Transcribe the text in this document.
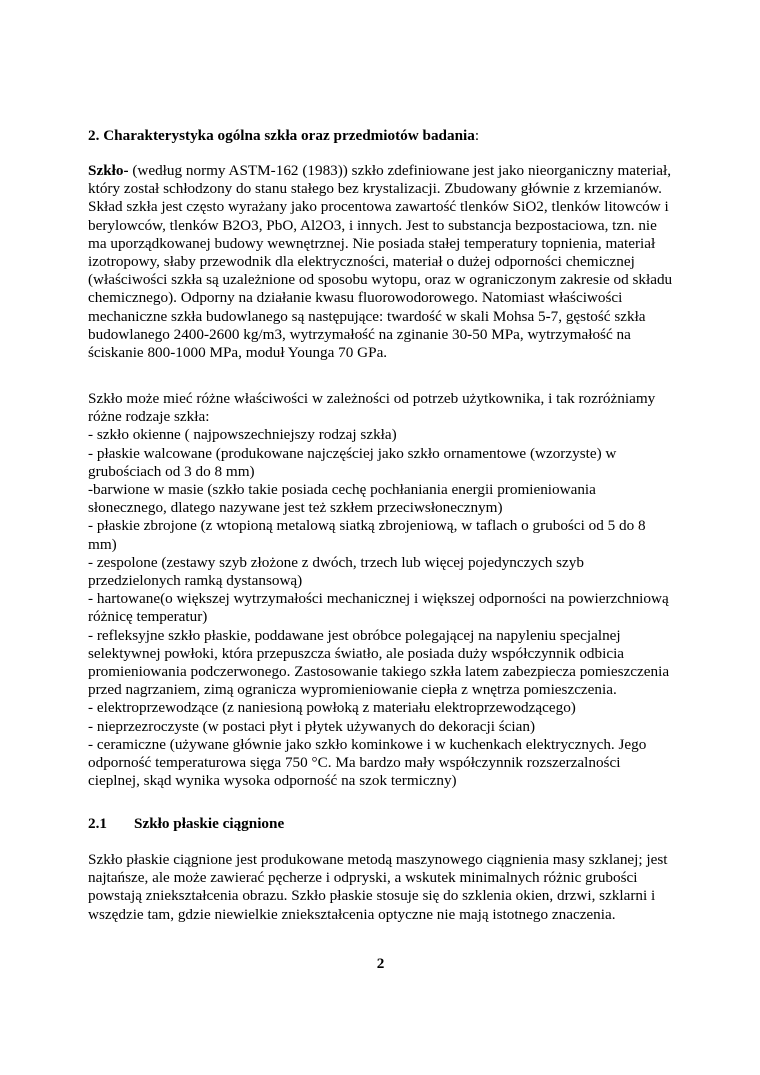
2. Charakterystyka ogólna szkła oraz przedmiotów badania:

Szkło- (według normy ASTM-162 (1983)) szkło zdefiniowane jest jako nieorganiczny materiał, który został schłodzony do stanu stałego bez krystalizacji. Zbudowany głównie z krzemianów. Skład szkła jest często wyrażany jako procentowa zawartość tlenków SiO2, tlenków litowców i berylowców, tlenków B2O3, PbO, Al2O3, i innych. Jest to substancja bezpostaciowa, tzn. nie ma uporządkowanej budowy wewnętrznej. Nie posiada stałej temperatury topnienia, materiał izotropowy, słaby przewodnik dla elektryczności, materiał o dużej odporności chemicznej (właściwości szkła są uzależnione od sposobu wytopu, oraz w ograniczonym zakresie od składu chemicznego). Odporny na działanie kwasu fluorowodorowego. Natomiast właściwości mechaniczne szkła budowlanego są następujące: twardość w skali Mohsa 5-7, gęstość szkła budowlanego 2400-2600 kg/m3, wytrzymałość na zginanie 30-50 MPa, wytrzymałość na ściskanie 800-1000 MPa, moduł Younga 70 GPa.

Szkło może mieć różne właściwości w zależności od potrzeb użytkownika, i tak rozróżniamy różne rodzaje szkła:
- szkło okienne ( najpowszechniejszy rodzaj szkła)
- płaskie walcowane (produkowane najczęściej jako szkło ornamentowe (wzorzyste) w grubościach od 3 do 8 mm)
-barwione w masie (szkło takie posiada cechę pochłaniania energii promieniowania słonecznego, dlatego nazywane jest też szkłem przeciwsłonecznym)
- płaskie zbrojone (z wtopioną metalową siatką zbrojeniową, w taflach o grubości od 5 do 8 mm)
- zespolone (zestawy szyb złożone z dwóch, trzech lub więcej pojedynczych szyb przedzielonych ramką dystansową)
- hartowane(o większej wytrzymałości mechanicznej i większej odporności na powierzchniową różnicę temperatur)
- refleksyjne szkło płaskie, poddawane jest obróbce polegającej na napyleniu specjalnej selektywnej powłoki, która przepuszcza światło, ale posiada duży współczynnik odbicia promieniowania podczerwonego. Zastosowanie takiego szkła latem zabezpiecza pomieszczenia przed nagrzaniem, zimą ogranicza wypromieniowanie ciepła z wnętrza pomieszczenia.
- elektroprzewodzące (z naniesioną powłoką z materiału elektroprzewodzącego)
- nieprzezroczyste (w postaci płyt i płytek używanych do dekoracji ścian)
- ceramiczne (używane głównie jako szkło kominkowe i w kuchenkach elektrycznych. Jego odporność temperaturowa sięga 750 °C. Ma bardzo mały współczynnik rozszerzalności cieplnej, skąd wynika wysoka odporność na szok termiczny)

2.1 Szkło płaskie ciągnione

Szkło płaskie ciągnione jest produkowane metodą maszynowego ciągnienia masy szklanej; jest najtańsze, ale może zawierać pęcherze i odpryski, a wskutek minimalnych różnic grubości powstają zniekształcenia obrazu. Szkło płaskie stosuje się do szklenia okien, drzwi, szklarni i wszędzie tam, gdzie niewielkie zniekształcenia optyczne nie mają istotnego znaczenia.

2
